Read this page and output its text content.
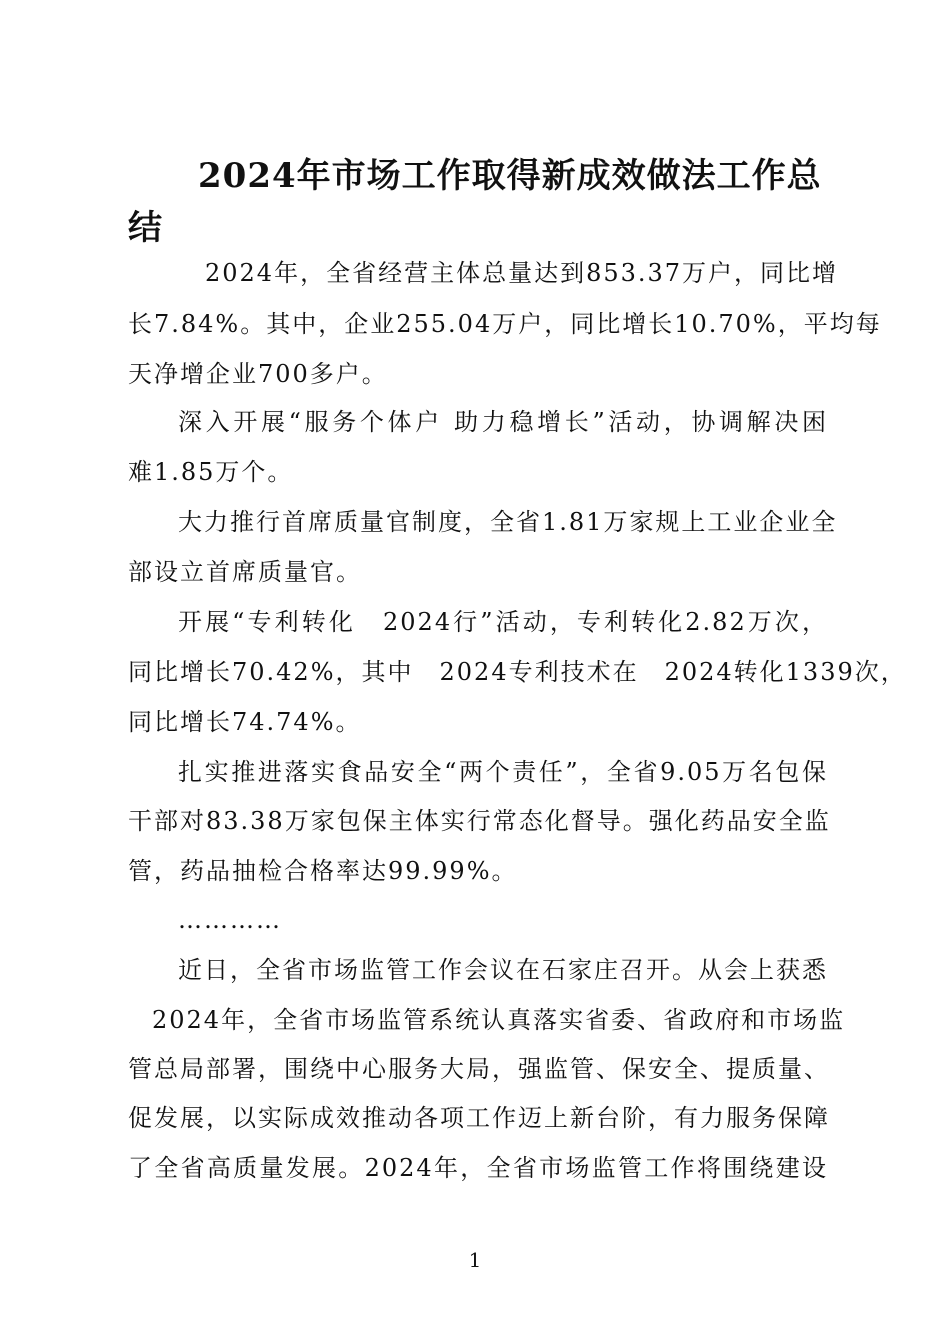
2024年市场工作取得新成效做法工作总结
2024年，全省经营主体总量达到853.37万户，同比增
长7.84%。其中，企业255.04万户，同比增长10.70%，平均每
天净增企业700多户。
深入开展“服务个体户 助力稳增长”活动，协调解决困
难1.85万个。
大力推行首席质量官制度，全省1.81万家规上工业企业全
部设立首席质量官。
开展“专利转化　2024行”活动，专利转化2.82万次，
同比增长70.42%，其中　2024专利技术在　2024转化1339次，
同比增长74.74%。
扎实推进落实食品安全“两个责任”，全省9.05万名包保
干部对83.38万家包保主体实行常态化督导。强化药品安全监
管，药品抽检合格率达99.99%。
…………
近日，全省市场监管工作会议在石家庄召开。从会上获悉
2024年，全省市场监管系统认真落实省委、省政府和市场监
管总局部署，围绕中心服务大局，强监管、保安全、提质量、
促发展，以实际成效推动各项工作迈上新台阶，有力服务保障
了全省高质量发展。2024年，全省市场监管工作将围绕建设
1
